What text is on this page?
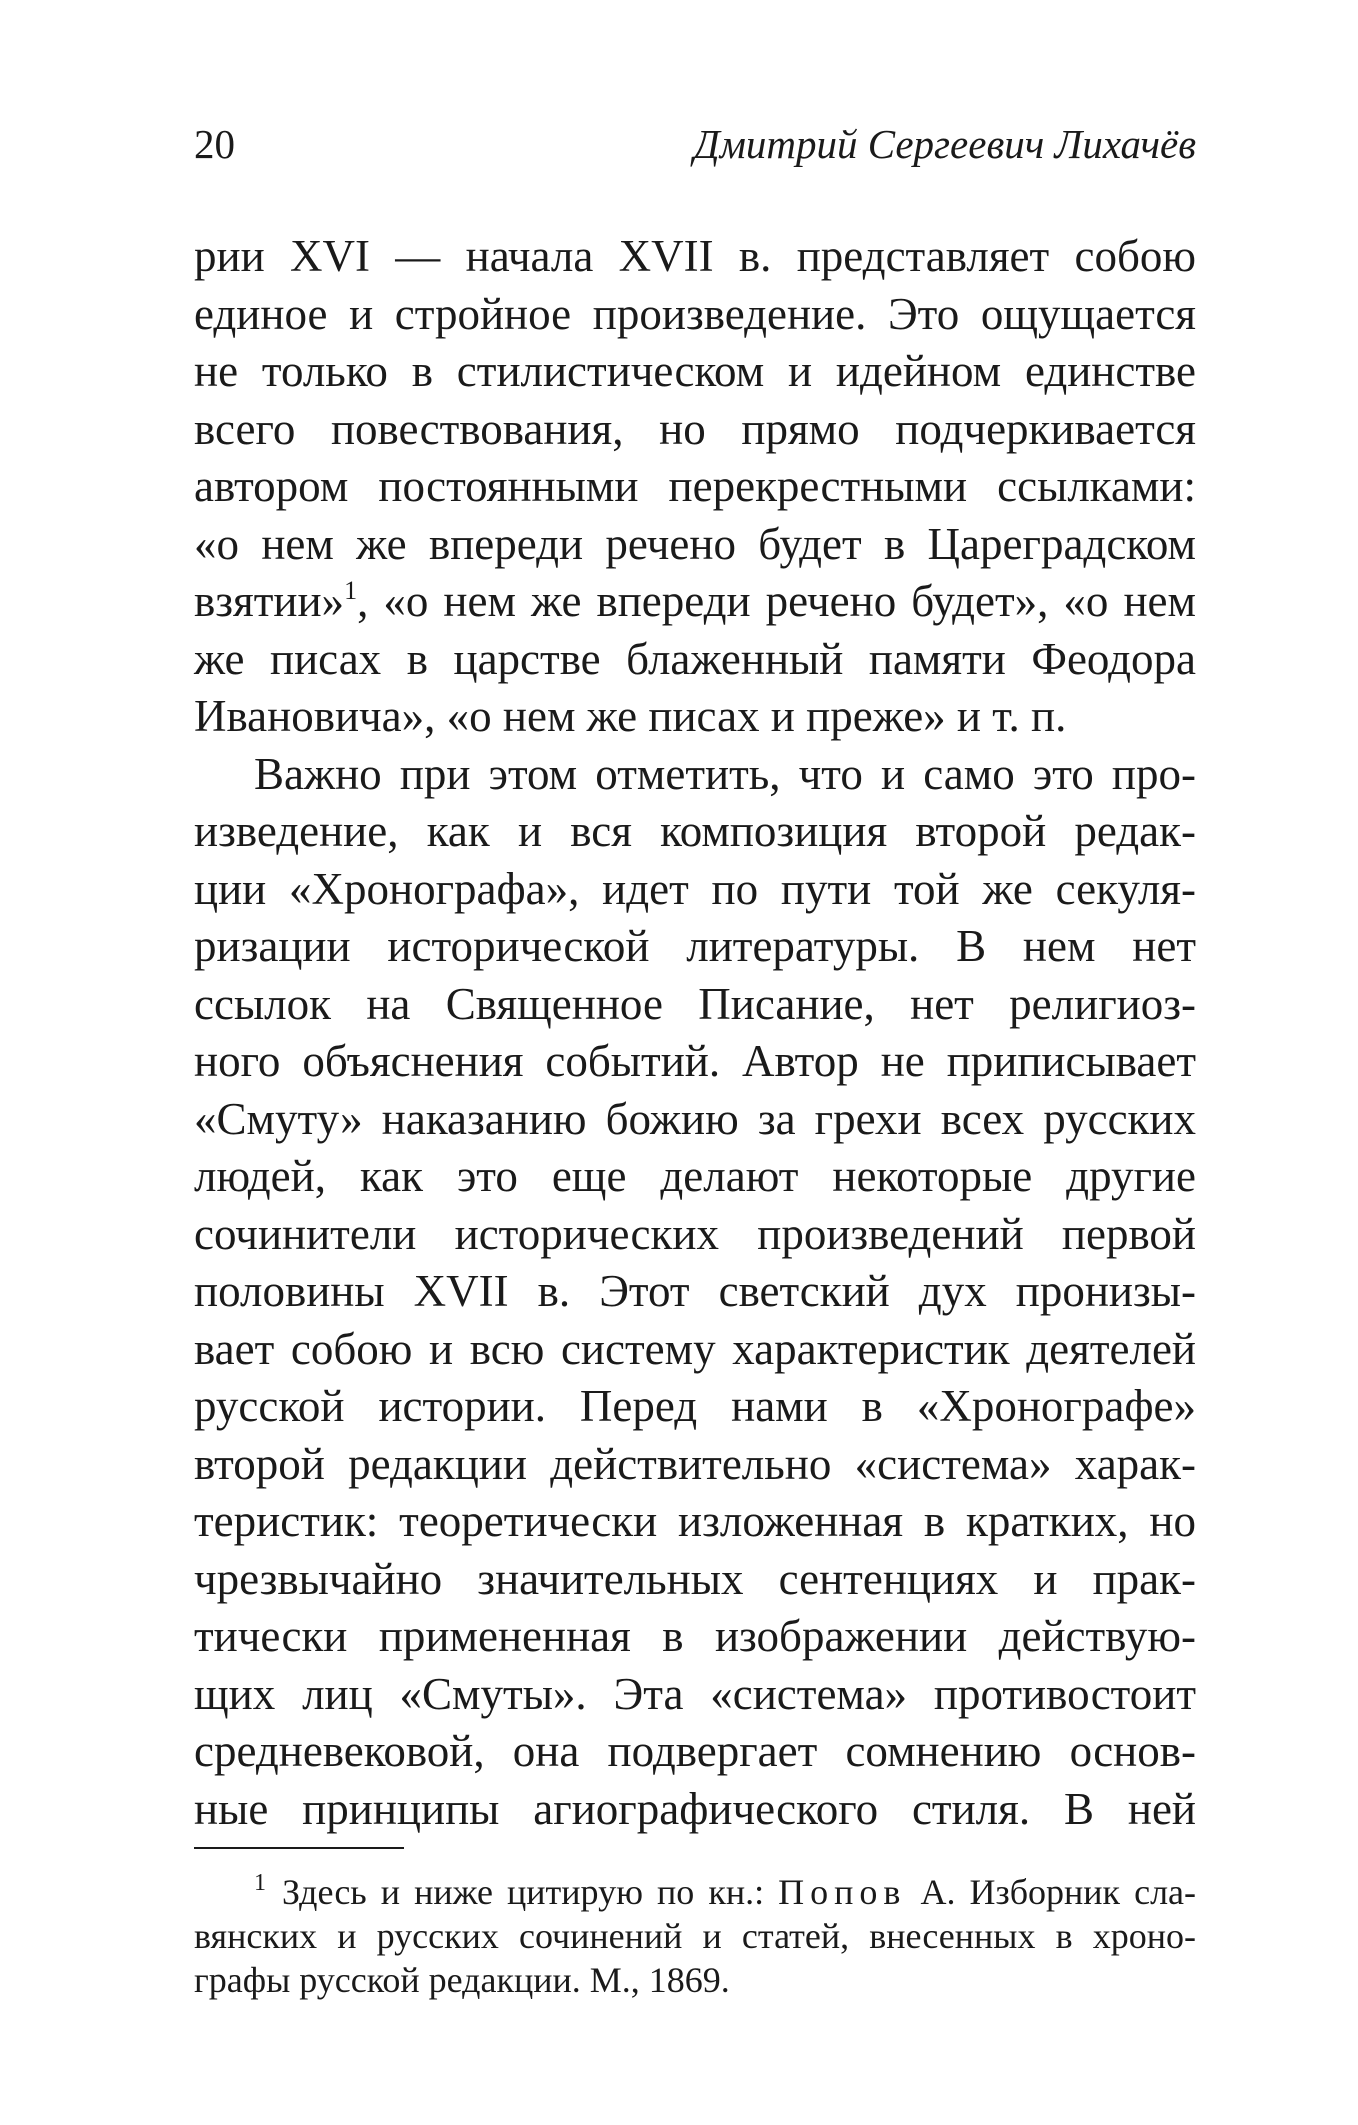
20	Дмитрий Сергеевич Лихачёв
рии XVI — начала XVII в. представляет собою
единое и стройное произведение. Это ощущается
не только в стилистическом и идейном единстве
всего повествования, но прямо подчеркивается
автором постоянными перекрестными ссылками:
«о нем же впереди речено будет в Цареградском
взятии»$^1$, «о нем же впереди речено будет», «о нем
же писах в царстве блаженный памяти Феодора
Ивановича», «о нем же писах и преже» и т. п.
Важно при этом отметить, что и само это про-
изведение, как и вся композиция второй редак-
ции «Хронографа», идет по пути той же секуля-
ризации исторической литературы. В нем нет
ссылок на Священное Писание, нет религиоз-
ного объяснения событий. Автор не приписывает
«Смуту» наказанию божию за грехи всех русских
людей, как это еще делают некоторые другие
сочинители исторических произведений первой
половины XVII в. Этот светский дух пронизы-
вает собою и всю систему характеристик деятелей
русской истории. Перед нами в «Хронографе»
второй редакции действительно «система» харак-
теристик: теоретически изложенная в кратких, но
чрезвычайно значительных сентенциях и прак-
тически примененная в изображении действую-
щих лиц «Смуты». Эта «система» противостоит
средневековой, она подвергает сомнению основ-
ные принципы агиографического стиля. В ней
$^1$ Здесь и ниже цитирую по кн.: Попов А. Изборник сла-
вянских и русских сочинений и статей, внесенных в хроно-
графы русской редакции. М., 1869.
